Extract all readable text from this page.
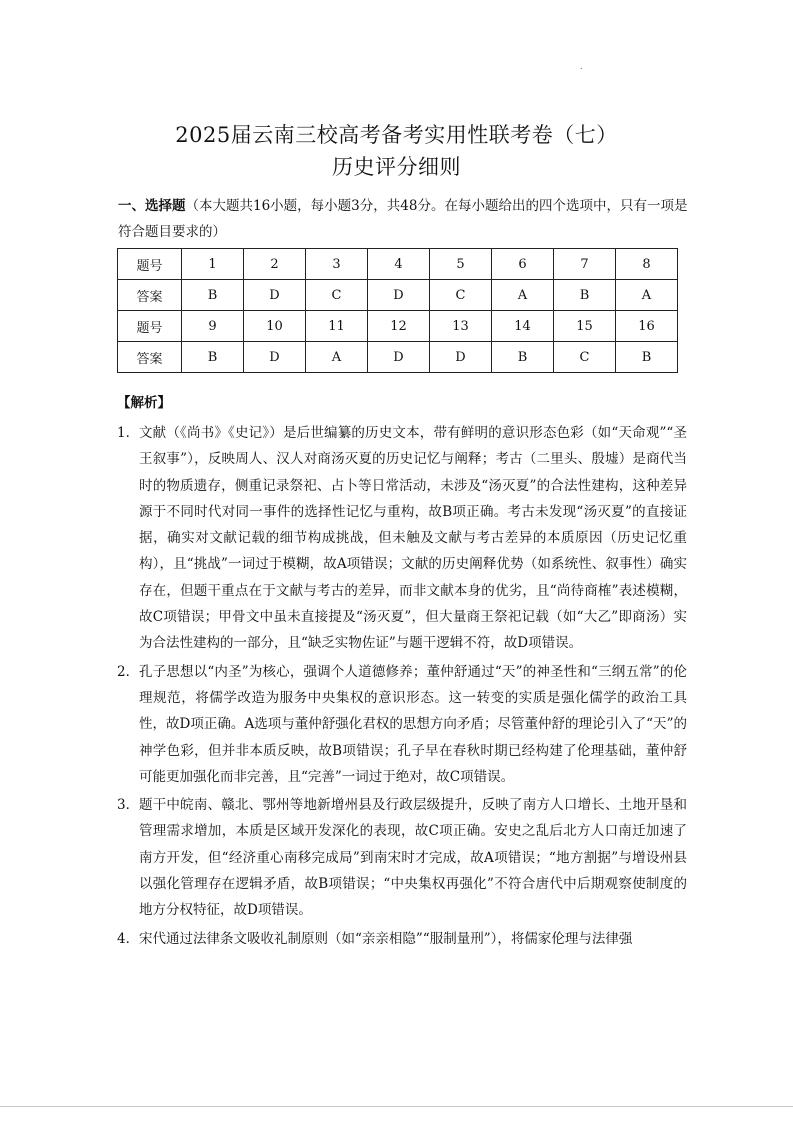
.
2025届云南三校高考备考实用性联考卷（七）
历史评分细则
一、选择题（本大题共16小题，每小题3分，共48分。在每小题给出的四个选项中，只有一项是符合题目要求的）
题号	1	2	3	4	5	6	7	8
答案	B	D	C	D	C	A	B	A
题号	9	10	11	12	13	14	15	16
答案	B	D	A	D	D	B	C	B
【解析】
1． 文献（《尚书》《史记》）是后世编纂的历史文本，带有鲜明的意识形态色彩（如“天命观”“圣王叙事”），反映周人、汉人对商汤灭夏的历史记忆与阐释；考古（二里头、殷墟）是商代当时的物质遗存，侧重记录祭祀、占卜等日常活动，未涉及“汤灭夏”的合法性建构，这种差异源于不同时代对同一事件的选择性记忆与重构，故B项正确。考古未发现“汤灭夏”的直接证据，确实对文献记载的细节构成挑战，但未触及文献与考古差异的本质原因（历史记忆重构），且“挑战”一词过于模糊，故A项错误；文献的历史阐释优势（如系统性、叙事性）确实存在，但题干重点在于文献与考古的差异，而非文献本身的优劣，且“尚待商榷”表述模糊，故C项错误；甲骨文中虽未直接提及“汤灭夏”，但大量商王祭祀记载（如“大乙”即商汤）实为合法性建构的一部分，且“缺乏实物佐证”与题干逻辑不符，故D项错误。
2． 孔子思想以“内圣”为核心，强调个人道德修养；董仲舒通过“天”的神圣性和“三纲五常”的伦理规范，将儒学改造为服务中央集权的意识形态。这一转变的实质是强化儒学的政治工具性，故D项正确。A选项与董仲舒强化君权的思想方向矛盾；尽管董仲舒的理论引入了“天”的神学色彩，但并非本质反映，故B项错误；孔子早在春秋时期已经构建了伦理基础，董仲舒可能更加强化而非完善，且“完善”一词过于绝对，故C项错误。
3． 题干中皖南、赣北、鄂州等地新增州县及行政层级提升，反映了南方人口增长、土地开垦和管理需求增加，本质是区域开发深化的表现，故C项正确。安史之乱后北方人口南迁加速了南方开发，但“经济重心南移完成局”到南宋时才完成，故A项错误；“地方割据”与增设州县以强化管理存在逻辑矛盾，故B项错误；“中央集权再强化”不符合唐代中后期观察使制度的地方分权特征，故D项错误。
4． 宋代通过法律条文吸收礼制原则（如“亲亲相隐”“服制量刑”），将儒家伦理与法律强
